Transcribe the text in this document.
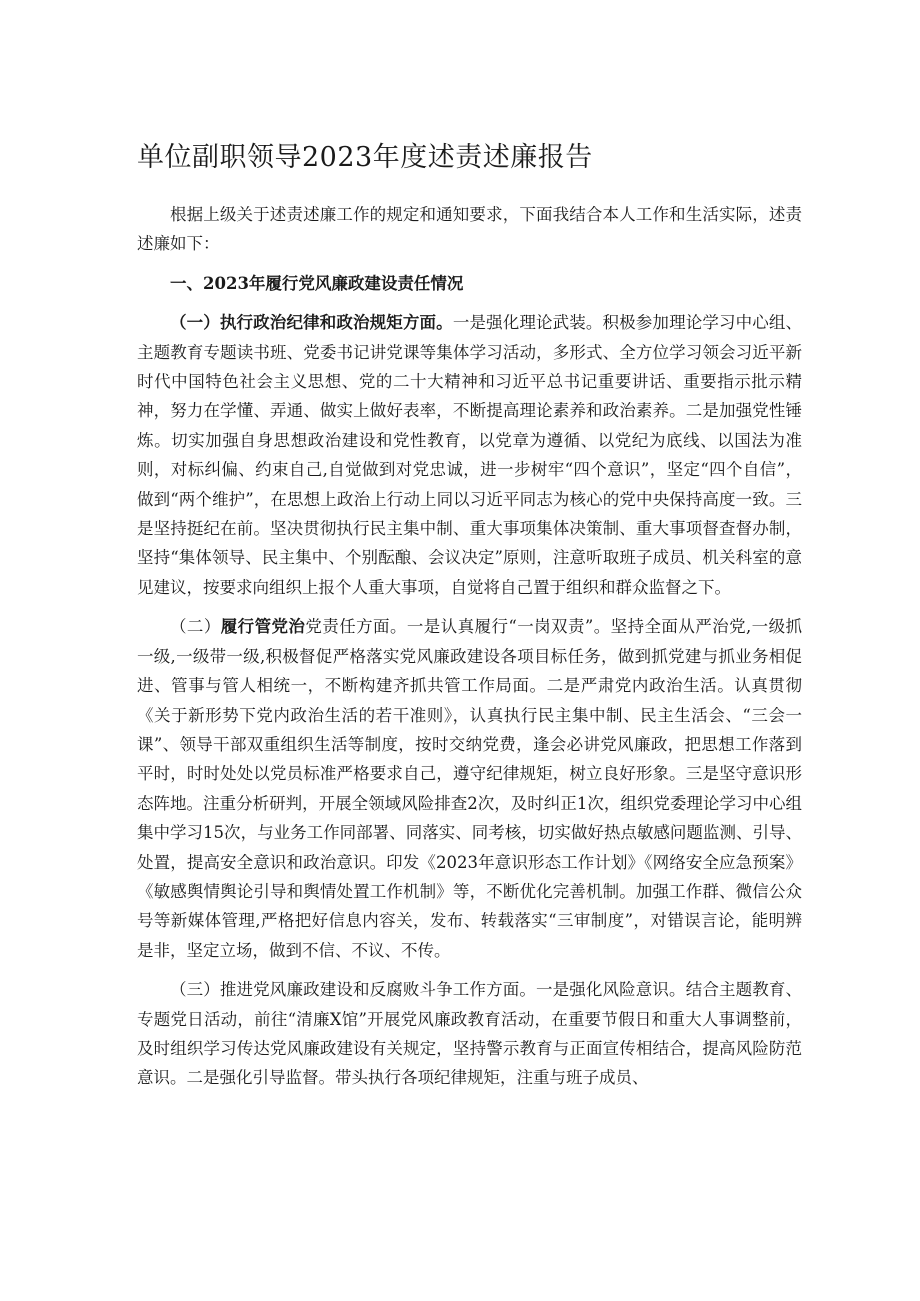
单位副职领导2023年度述责述廉报告

根据上级关于述责述廉工作的规定和通知要求，下面我结合本人工作和生活实际，述责述廉如下：

一、2023年履行党风廉政建设责任情况

（一）执行政治纪律和政治规矩方面。一是强化理论武装。积极参加理论学习中心组、主题教育专题读书班、党委书记讲党课等集体学习活动，多形式、全方位学习领会习近平新时代中国特色社会主义思想、党的二十大精神和习近平总书记重要讲话、重要指示批示精神，努力在学懂、弄通、做实上做好表率，不断提高理论素养和政治素养。二是加强党性锤炼。切实加强自身思想政治建设和党性教育，以党章为遵循、以党纪为底线、以国法为准则，对标纠偏、约束自己,自觉做到对党忠诚，进一步树牢“四个意识”，坚定“四个自信”，做到“两个维护”，在思想上政治上行动上同以习近平同志为核心的党中央保持高度一致。三是坚持挺纪在前。坚决贯彻执行民主集中制、重大事项集体决策制、重大事项督查督办制，坚持“集体领导、民主集中、个别酝酿、会议决定”原则，注意听取班子成员、机关科室的意见建议，按要求向组织上报个人重大事项，自觉将自己置于组织和群众监督之下。

（二）履行管党治党责任方面。一是认真履行“一岗双责”。坚持全面从严治党,一级抓一级,一级带一级,积极督促严格落实党风廉政建设各项目标任务，做到抓党建与抓业务相促进、管事与管人相统一，不断构建齐抓共管工作局面。二是严肃党内政治生活。认真贯彻《关于新形势下党内政治生活的若干准则》，认真执行民主集中制、民主生活会、“三会一课”、领导干部双重组织生活等制度，按时交纳党费，逢会必讲党风廉政，把思想工作落到平时，时时处处以党员标准严格要求自己，遵守纪律规矩，树立良好形象。三是坚守意识形态阵地。注重分析研判，开展全领域风险排查2次，及时纠正1次，组织党委理论学习中心组集中学习15次，与业务工作同部署、同落实、同考核，切实做好热点敏感问题监测、引导、处置，提高安全意识和政治意识。印发《2023年意识形态工作计划》《网络安全应急预案》《敏感舆情舆论引导和舆情处置工作机制》等，不断优化完善机制。加强工作群、微信公众号等新媒体管理,严格把好信息内容关，发布、转载落实“三审制度”，对错误言论，能明辨是非，坚定立场，做到不信、不议、不传。

（三）推进党风廉政建设和反腐败斗争工作方面。一是强化风险意识。结合主题教育、专题党日活动，前往“清廉X馆”开展党风廉政教育活动，在重要节假日和重大人事调整前，及时组织学习传达党风廉政建设有关规定，坚持警示教育与正面宣传相结合，提高风险防范意识。二是强化引导监督。带头执行各项纪律规矩，注重与班子成员、
